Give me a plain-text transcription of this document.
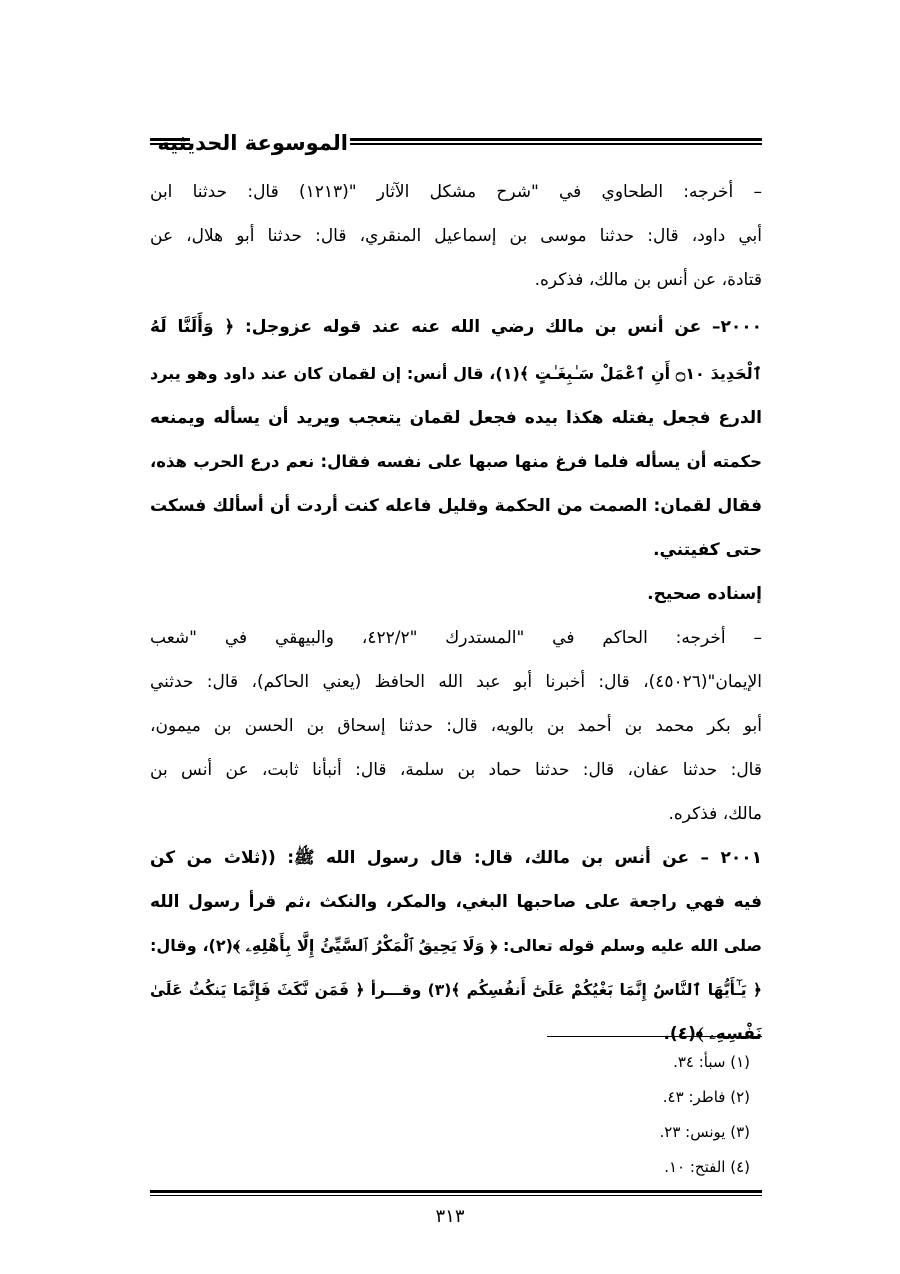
الموسوعة الحديثية
– أخرجه: الطحاوي في "شرح مشكل الآثار "(١٢١٣) قال: حدثنا ابن
أبي داود، قال: حدثنا موسى بن إسماعيل المنقري، قال: حدثنا أبو هلال، عن
قتادة، عن أنس بن مالك، فذكره.
٢٠٠٠– عن أنس بن مالك رضي الله عنه عند قوله عزوجل: ﴿ وَأَلَنَّا لَهُ
ٱلْحَدِيدَ ۝١٠ أَنِ ٱعْمَلْ سَـٰبِغَـٰتٍ ﴾(١)، قال أنس: إن لقمان كان عند داود وهو يبرد
الدرع فجعل يفتله هكذا بيده فجعل لقمان يتعجب ويريد أن يسأله ويمنعه
حكمته أن يسأله فلما فرغ منها صبها على نفسه فقال: نعم درع الحرب هذه،
فقال لقمان: الصمت من الحكمة وقليل فاعله كنت أردت أن أسألك فسكت
حتى كفيتني.
إسناده صحيح.
– أخرجه: الحاكم في "المستدرك "٤٢٢/٢، والبيهقي في "شعب
الإيمان"(٤٥٠٢٦)، قال: أخبرنا أبو عبد الله الحافظ (يعني الحاكم)، قال: حدثني
أبو بكر محمد بن أحمد بن بالويه، قال: حدثنا إسحاق بن الحسن بن ميمون،
قال: حدثنا عفان، قال: حدثنا حماد بن سلمة، قال: أنبأنا ثابت، عن أنس بن
مالك، فذكره.
٢٠٠١ – عن أنس بن مالك، قال: قال رسول الله ﷺ: ((ثلاث من كن
فيه فهي راجعة على صاحبها البغي، والمكر، والنكث ،ثم قرأ رسول الله
صلى الله عليه وسلم قوله تعالى: ﴿ وَلَا يَحِيقُ ٱلْمَكْرُ ٱلسَّيِّئُ إِلَّا بِأَهْلِهِۦ ﴾(٢)، وقال:
﴿ يَـٰٓأَيُّهَا ٱلنَّاسُ إِنَّمَا بَغْيُكُمْ عَلَىٰٓ أَنفُسِكُم ﴾(٣) وقـــرأ ﴿ فَمَن نَّكَثَ فَإِنَّمَا يَنكُثُ عَلَىٰ
نَفْسِهِۦ ﴾(٤).
(١) سبأ: ٣٤.
(٢) فاطر: ٤٣.
(٣) يونس: ٢٣.
(٤) الفتح: ١٠.
٣١٣
